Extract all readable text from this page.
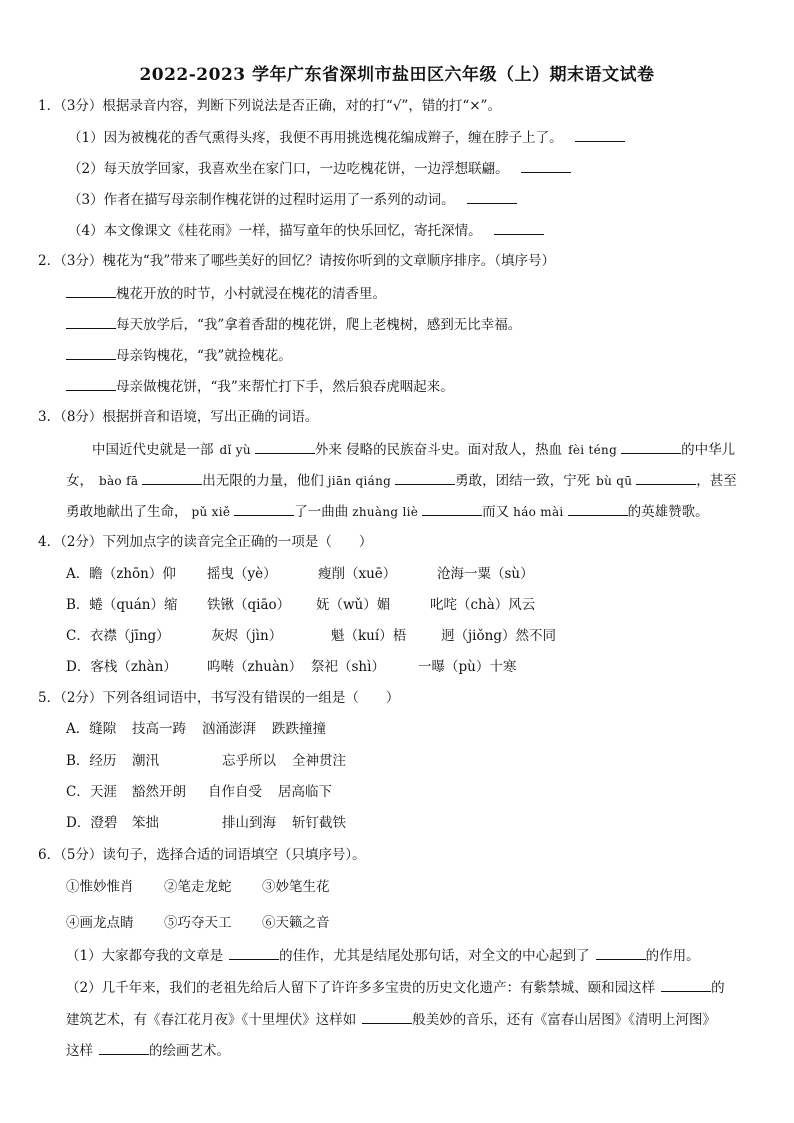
2022-2023 学年广东省深圳市盐田区六年级（上）期末语文试卷
1．（3分）根据录音内容，判断下列说法是否正确，对的打“√”，错的打“×”。
（1）因为被槐花的香气熏得头疼，我便不再用挑选槐花编成辫子，缠在脖子上了。
（2）每天放学回家，我喜欢坐在家门口，一边吃槐花饼，一边浮想联翩。
（3）作者在描写母亲制作槐花饼的过程时运用了一系列的动词。
（4）本文像课文《桂花雨》一样，描写童年的快乐回忆，寄托深情。
2．（3分）槐花为“我”带来了哪些美好的回忆？请按你听到的文章顺序排序。（填序号）
槐花开放的时节，小村就浸在槐花的清香里。
每天放学后，“我”拿着香甜的槐花饼，爬上老槐树，感到无比幸福。
母亲钩槐花，“我”就捡槐花。
母亲做槐花饼，“我”来帮忙打下手，然后狼吞虎咽起来。
3．（8分）根据拼音和语境，写出正确的词语。
中国近代史就是一部 dǐ yù	外来 侵略的民族奋斗史。面对敌人，热血 fèi téng	的中华儿
女， bào fā	出无限的力量，他们 jiān qiáng	勇敢，团结一致，宁死 bù qū	，甚至
勇敢地献出了生命， pǔ xiě	了一曲曲 zhuàng liè	而又 háo mài	的英雄赞歌。
4．（2分）下列加点字的读音完全正确的一项是（　　）
A．瞻（zhōn）仰 摇曳（yè）	瘦削（xuē）	沧海一粟（sù）
B．蜷（quán）缩 铁锹（qiāo） 妩（wǔ）媚	叱咤（chà）风云
C．衣襟（jīng）	灰烬（jìn）	魁（kuí）梧	迥（jiǒng）然不同
D．客栈（zhàn） 呜啭（zhuàn） 祭祀（shì） 一曝（pù）十寒
5．（2分）下列各组词语中，书写没有错误的一组是（　　）
A．缝隙 技高一踌 汹涌澎湃 跌跌撞撞
B．经历 潮汛	忘乎所以 全神贯注
C．天涯 豁然开朗 自作自受 居高临下
D．澄碧 笨拙	排山到海 斩钉截铁
6．（5分）读句子，选择合适的词语填空（只填序号）。
①惟妙惟肖 ②笔走龙蛇 ③妙笔生花
④画龙点睛 ⑤巧夺天工 ⑥天籁之音
（1）大家都夸我的文章是	的佳作，尤其是结尾处那句话，对全文的中心起到了	的作用。
（2）几千年来，我们的老祖先给后人留下了许许多多宝贵的历史文化遗产：有紫禁城、颐和园这样	的
建筑艺术，有《春江花月夜》《十里埋伏》这样如	般美妙的音乐，还有《富春山居图》《清明上河图》
这样	的绘画艺术。
